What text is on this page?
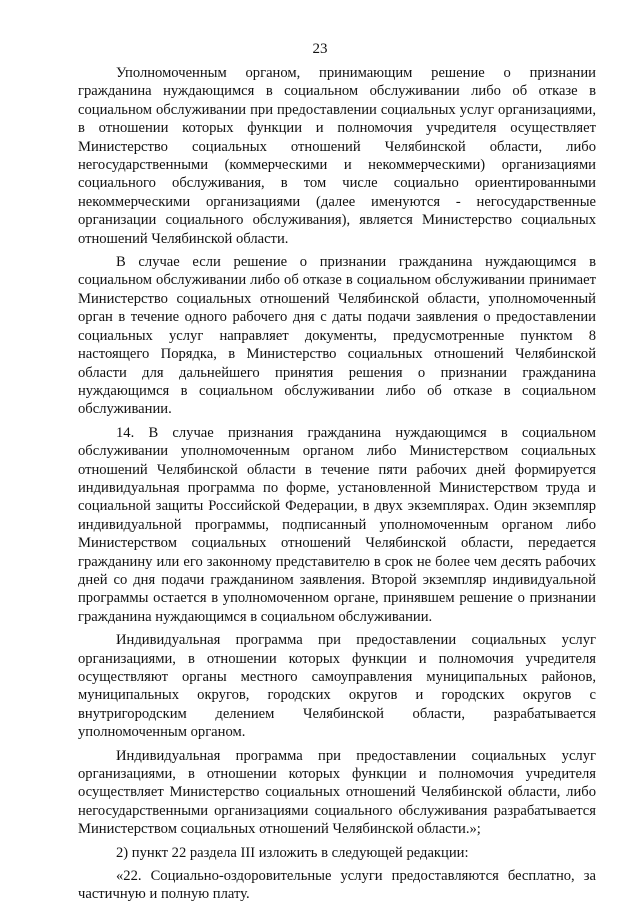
23

Уполномоченным органом, принимающим решение о признании гражданина нуждающимся в социальном обслуживании либо об отказе в социальном обслуживании при предоставлении социальных услуг организациями, в отношении которых функции и полномочия учредителя осуществляет Министерство социальных отношений Челябинской области, либо негосударственными (коммерческими и некоммерческими) организациями социального обслуживания, в том числе социально ориентированными некоммерческими организациями (далее именуются - негосударственные организации социального обслуживания), является Министерство социальных отношений Челябинской области.

В случае если решение о признании гражданина нуждающимся в социальном обслуживании либо об отказе в социальном обслуживании принимает Министерство социальных отношений Челябинской области, уполномоченный орган в течение одного рабочего дня с даты подачи заявления о предоставлении социальных услуг направляет документы, предусмотренные пунктом 8 настоящего Порядка, в Министерство социальных отношений Челябинской области для дальнейшего принятия решения о признании гражданина нуждающимся в социальном обслуживании либо об отказе в социальном обслуживании.

14. В случае признания гражданина нуждающимся в социальном обслуживании уполномоченным органом либо Министерством социальных отношений Челябинской области в течение пяти рабочих дней формируется индивидуальная программа по форме, установленной Министерством труда и социальной защиты Российской Федерации, в двух экземплярах. Один экземпляр индивидуальной программы, подписанный уполномоченным органом либо Министерством социальных отношений Челябинской области, передается гражданину или его законному представителю в срок не более чем десять рабочих дней со дня подачи гражданином заявления. Второй экземпляр индивидуальной программы остается в уполномоченном органе, принявшем решение о признании гражданина нуждающимся в социальном обслуживании.

Индивидуальная программа при предоставлении социальных услуг организациями, в отношении которых функции и полномочия учредителя осуществляют органы местного самоуправления муниципальных районов, муниципальных округов, городских округов и городских округов с внутригородским делением Челябинской области, разрабатывается уполномоченным органом.

Индивидуальная программа при предоставлении социальных услуг организациями, в отношении которых функции и полномочия учредителя осуществляет Министерство социальных отношений Челябинской области, либо негосударственными организациями социального обслуживания разрабатывается Министерством социальных отношений Челябинской области.»;

2) пункт 22 раздела III изложить в следующей редакции:

«22. Социально-оздоровительные услуги предоставляются бесплатно, за частичную и полную плату.
